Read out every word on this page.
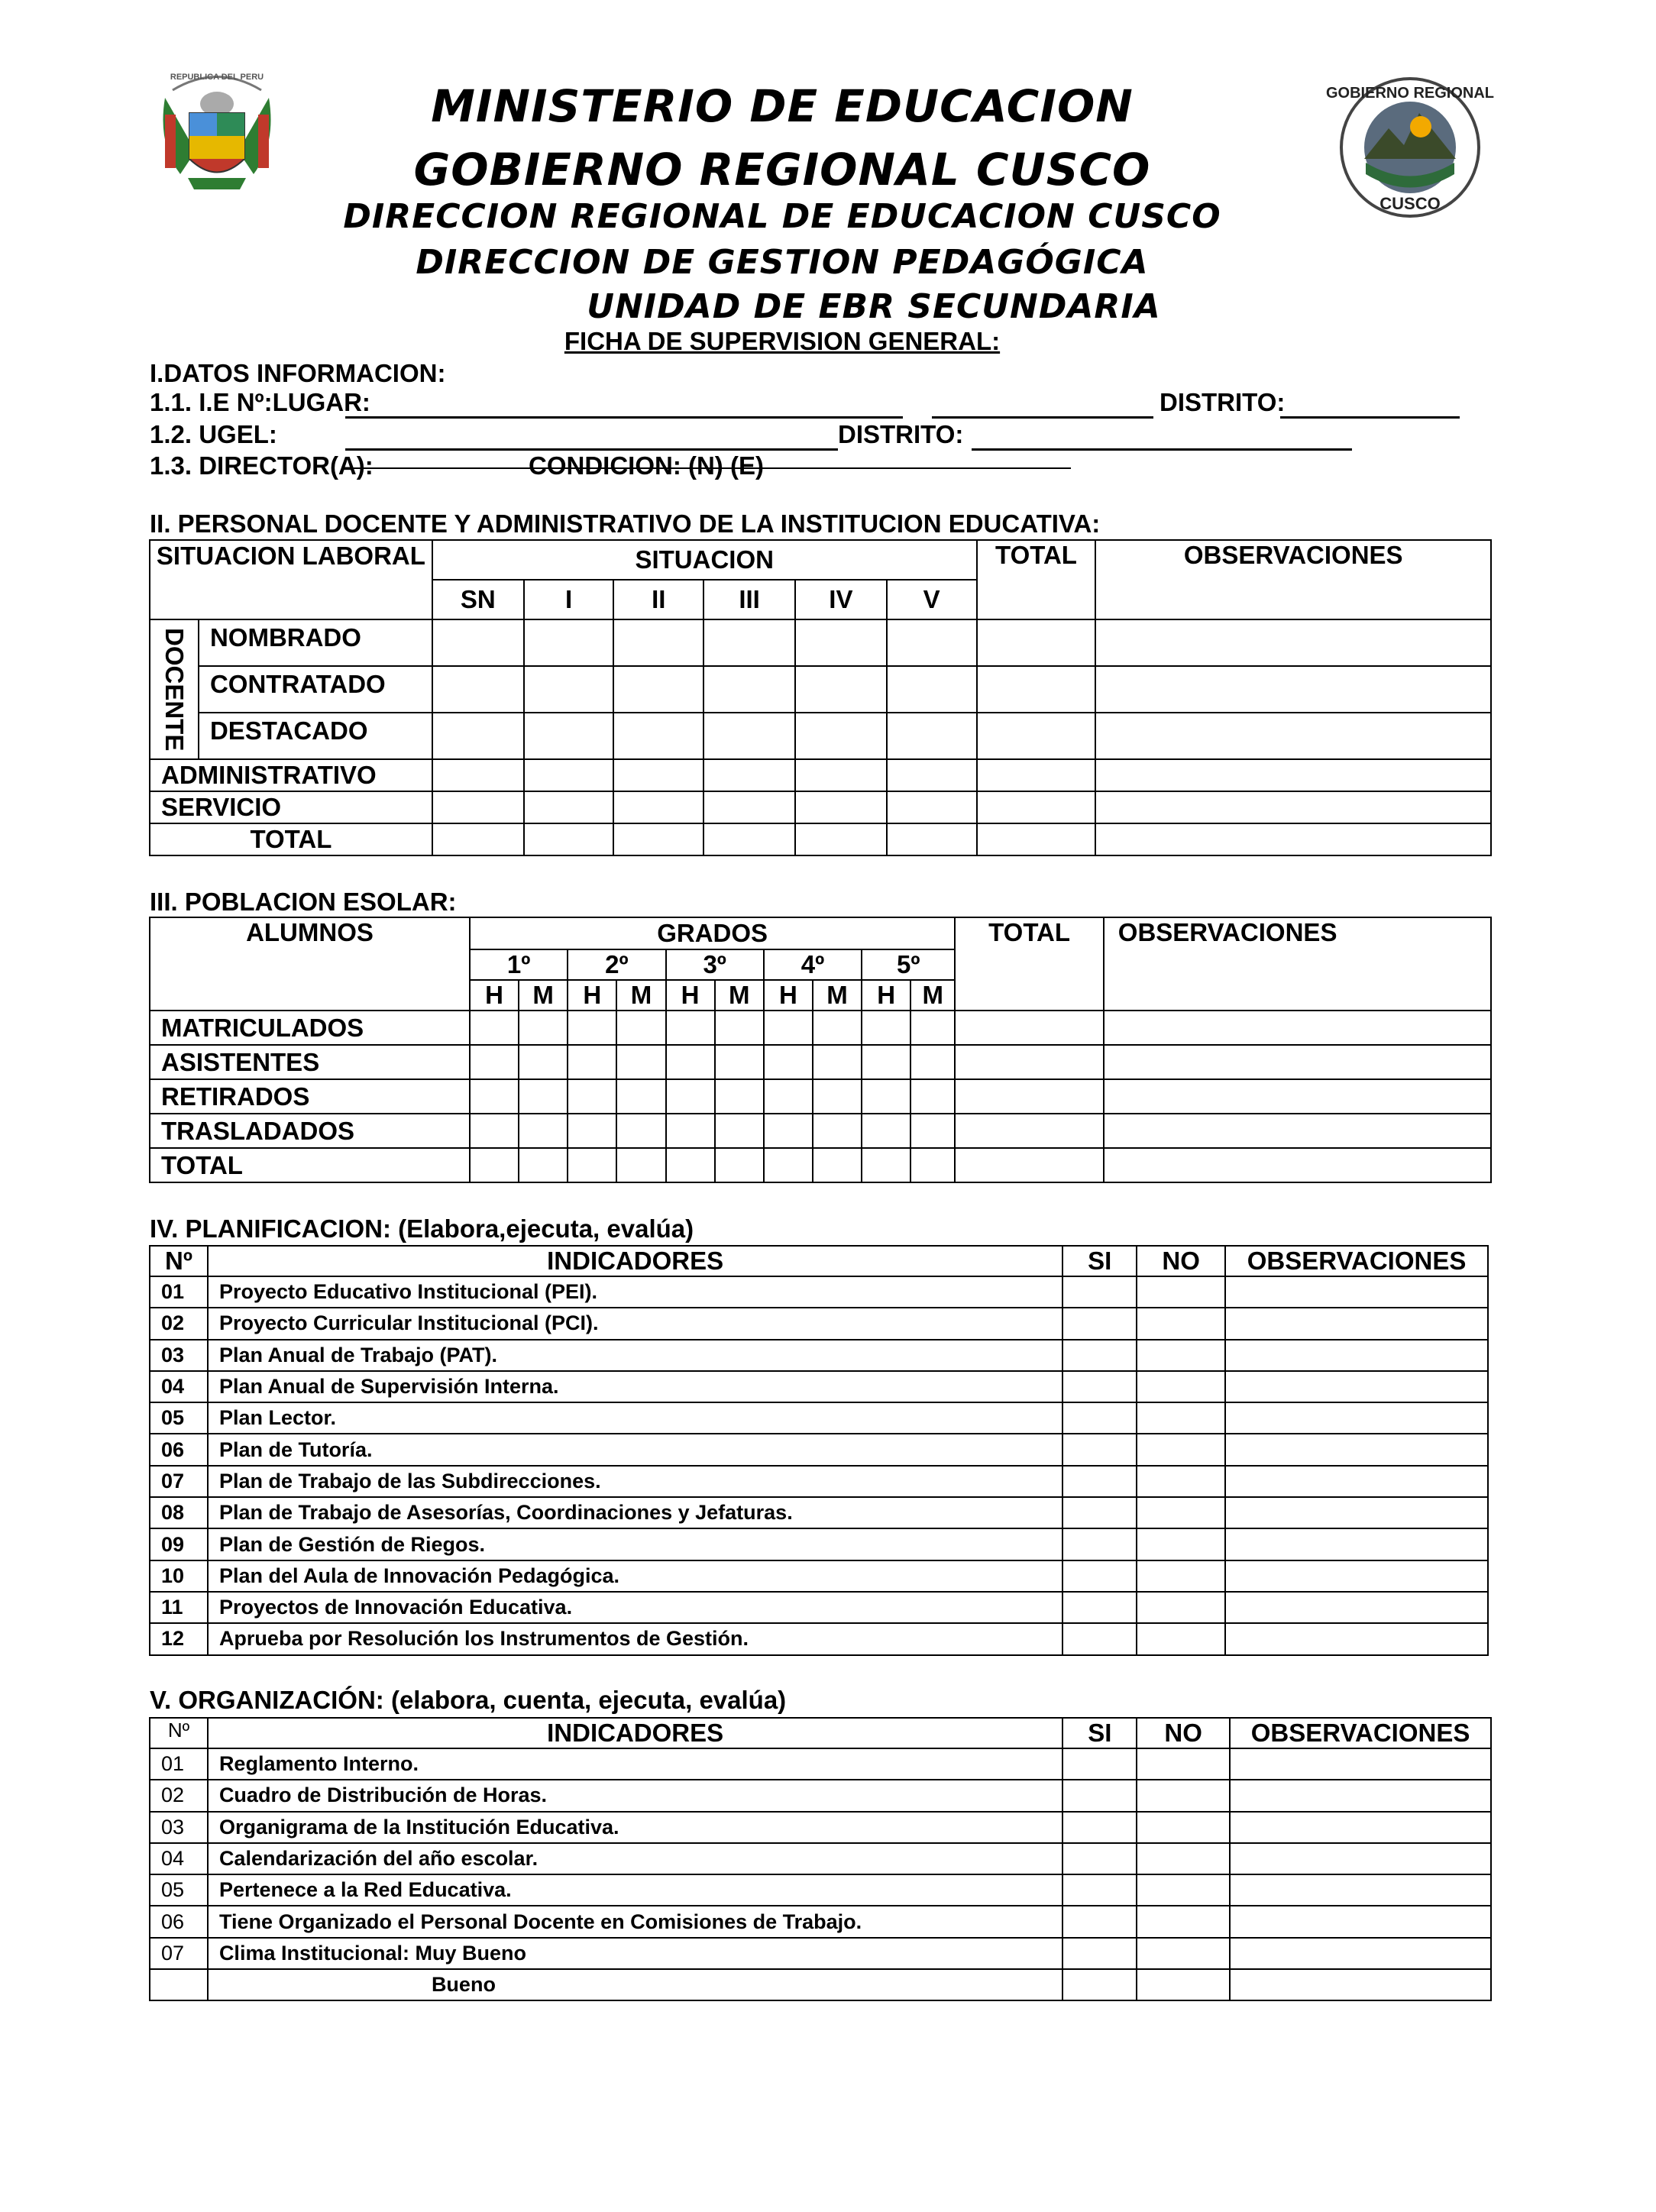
REPUBLICA DEL PERU
GOBIERNO REGIONAL
CUSCO
MINISTERIO DE EDUCACION
GOBIERNO REGIONAL CUSCO
DIRECCION REGIONAL DE EDUCACION CUSCO
DIRECCION DE GESTION PEDAGÓGICA
UNIDAD DE EBR SECUNDARIA
FICHA DE SUPERVISION GENERAL:
I.DATOS INFORMACION:
1.1. I.E Nº:LUGAR:	DISTRITO:
1.2. UGEL:	DISTRITO:
1.3. DIRECTOR(A):	CONDICION: (N) (E)
II. PERSONAL DOCENTE Y ADMINISTRATIVO DE LA INSTITUCION EDUCATIVA:
SITUACION LABORAL		SITUACION						TOTAL	OBSERVACIONES
		SN	I	II	III	IV	V		
DOCENTE	NOMBRADO								
	CONTRATADO								
	DESTACADO								
ADMINISTRATIVO									
SERVICIO									
TOTAL									
III. POBLACION ESOLAR:
ALUMNOS	GRADOS										TOTAL	OBSERVACIONES
	1º		2º		3º		4º		5º			
	H	M	H	M	H	M	H	M	H	M		
MATRICULADOS												
ASISTENTES												
RETIRADOS												
TRASLADADOS												
TOTAL												
IV. PLANIFICACION: (Elabora,ejecuta, evalúa)
Nº	INDICADORES	SI	NO	OBSERVACIONES
01	Proyecto Educativo Institucional (PEI).			
02	Proyecto Curricular Institucional (PCI).			
03	Plan Anual de Trabajo (PAT).			
04	Plan Anual de Supervisión Interna.			
05	Plan Lector.			
06	Plan de Tutoría.			
07	Plan de Trabajo de las Subdirecciones.			
08	Plan de Trabajo de Asesorías, Coordinaciones y Jefaturas.			
09	Plan de Gestión de Riegos.			
10	Plan del Aula de Innovación Pedagógica.			
11	Proyectos de Innovación Educativa.			
12	Aprueba por Resolución los Instrumentos de Gestión.			
V. ORGANIZACIÓN: (elabora, cuenta, ejecuta, evalúa)
Nº	INDICADORES	SI	NO	OBSERVACIONES
01	Reglamento Interno.			
02	Cuadro de Distribución de Horas.			
03	Organigrama de la Institución Educativa.			
04	Calendarización del año escolar.			
05	Pertenece a la Red Educativa.			
06	Tiene Organizado el Personal Docente en Comisiones de Trabajo.			
07	Clima Institucional: Muy Bueno			
	Bueno			
